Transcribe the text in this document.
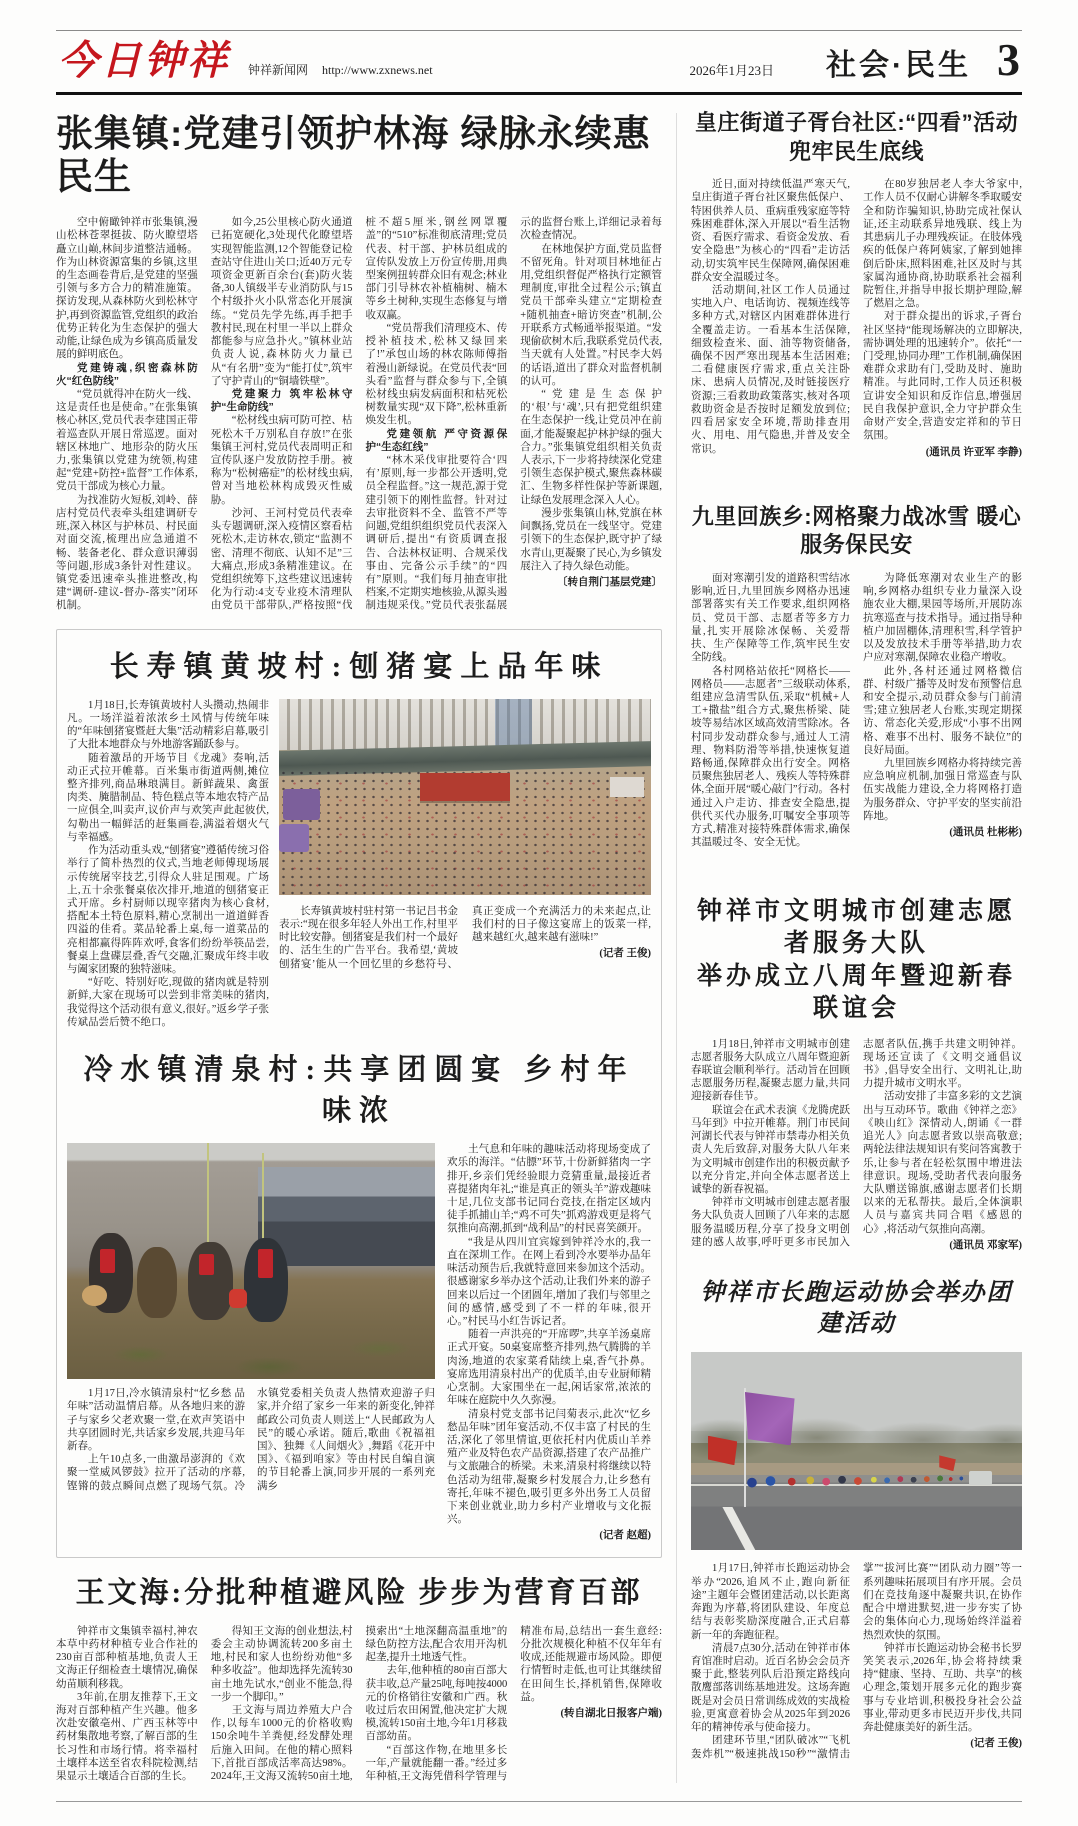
今日钟祥 钟祥新闻网 http://www.zxnews.net	2026年1月23日 社会·民生 3
张集镇:党建引领护林海 绿脉永续惠民生

空中俯瞰钟祥市张集镇,漫山松林苍翠挺拔、防火瞭望塔矗立山巅,林间步道整洁通畅。作为山林资源富集的乡镇,这里的生态画卷背后,是党建的坚强引领与多方合力的精准施策。探访发现,从森林防火到松林守护,再到资源监管,党组织的政治优势正转化为生态保护的强大动能,让绿色成为乡镇高质量发展的鲜明底色。

党建铸魂,织密森林防火“红色防线”

“党员就得冲在防火一线、这是责任也是使命。”在张集镇核心林区,党员代表李建国正带着巡查队开展日常巡逻。面对辖区林地广、地形杂的防火压力,张集镇以党建为统领,构建起“党建+防控+监督”工作体系,党员干部成为核心力量。

为找准防火短板,刘岭、薛店村党员代表牵头组建调研专班,深入林区与护林员、村民面对面交流,梳理出应急通道不畅、装备老化、群众意识薄弱等问题,形成3条针对性建议。镇党委迅速牵头推进整改,构建“调研-建议-督办-落实”闭环机制。

如今,25公里核心防火通道已拓宽硬化,3处现代化瞭望塔实现智能监测,12个智能登记检查站守住进山关口;近40万元专项资金更新百余台(套)防火装备,30人镇级半专业消防队与15个村级扑火小队常态化开展演练。“党员先学先练,再手把手教村民,现在村里一半以上群众都能参与应急扑火。”镇林业站负责人说,森林防火力量已从“有名册”变为“能打仗”,筑牢了守护青山的“铜墙铁壁”。

党建聚力 筑牢松林守护“生命防线”

“松材线虫病可防可控、枯死松木千万别私自存放!”在张集镇王河村,党员代表周明正和宣传队逐户发放防控手册。被称为“松树癌症”的松材线虫病,曾对当地松林构成毁灭性威胁。

沙河、王河村党员代表牵头专题调研,深入疫情区察看枯死松木,走访林农,锁定“监测不密、清理不彻底、认知不足”三大痛点,形成3条精准建议。在党组织统筹下,这些建议迅速转化为行动:4支专业疫木清理队由党员干部带队,严格按照“伐桩不超5厘米,钢丝网罩覆盖”的“510”标准彻底清理;党员代表、村干部、护林员组成的宣传队发放上万份宣传册,用典型案例扭转群众旧有观念;林业部门引导林农补植楠树、楠木等乡土树种,实现生态修复与增收双赢。

“党员帮我们清理疫木、传授补植技术,松林又绿回来了!”承包山场的林农陈师傅指着漫山新绿说。在党员代表“回头看”监督与群众参与下,全镇松材线虫病发病面积和枯死松树数量实现“双下降”,松林重新焕发生机。

党建领航 严守资源保护“生态红线”

“林木采伐审批要符合‘四有’原则,每一步都公开透明,党员全程监督。”这一规范,源于党建引领下的刚性监督。针对过去审批资料不全、监管不严等问题,党组织组织党员代表深入调研后,提出“有资质调查报告、合法林权证明、合规采伐事由、完备公示手续”的“四有”原则。“我们每月抽查审批档案,不定期实地核验,从源头遏制违规采伐。”党员代表张磊展示的监督台账上,详细记录着每次检查情况。

在林地保护方面,党员监督不留死角。针对项目林地征占用,党组织督促严格执行定额管理制度,审批全过程公示;镇直党员干部牵头建立“定期检查+随机抽查+暗访突查”机制,公开联系方式畅通举报渠道。“发现偷砍树木后,我联系党员代表,当天就有人处置。”村民李大妈的话语,道出了群众对监督机制的认可。

“党建是生态保护的‘根’与‘魂’,只有把党组织建在生态保护一线,让党员冲在前面,才能凝聚起护林护绿的强大合力。”张集镇党组织相关负责人表示,下一步将持续深化党建引领生态保护模式,聚焦森林碳汇、生物多样性保护等新课题,让绿色发展理念深入人心。

漫步张集镇山林,党旗在林间飘扬,党员在一线坚守。党建引领下的生态保护,既守护了绿水青山,更凝聚了民心,为乡镇发展注入了持久绿色动能。

〔转自荆门基层党建〕

长寿镇黄坡村:刨猪宴上品年味

1月18日,长寿镇黄坡村人头攒动,热闹非凡。一场洋溢着浓浓乡土风情与传统年味的“年味刨猪宴暨赶大集”活动精彩启幕,吸引了大批本地群众与外地游客踊跃参与。

随着激昂的开场节目《龙魂》奏响,活动正式拉开帷幕。百米集市街道两侧,摊位整齐排列,商品琳琅满目。新鲜蔬果、禽蛋肉类、腌腊制品、特色糕点等本地农特产品一应俱全,叫卖声,议价声与欢笑声此起彼伏,勾勒出一幅鲜活的赶集画卷,满溢着烟火气与幸福感。

作为活动重头戏,“刨猪宴”遵循传统习俗举行了简朴热烈的仪式,当地老师傅现场展示传统屠宰技艺,引得众人驻足围观。广场上,五十余张餐桌依次排开,地道的刨猪宴正式开席。乡村厨师以现宰猪肉为核心食材,搭配本土特色原料,精心烹制出一道道鲜香四溢的佳肴。菜品轮番上桌,每一道菜品的亮相都赢得阵阵欢呼,食客们纷纷举筷品尝,餐桌上盘碟层叠,香气交融,汇聚成年终丰收与阖家团聚的独特滋味。

“好吃、特别好吃,现做的猪肉就是特别新鲜,大家在现场可以尝到非常美味的猪肉,我觉得这个活动很有意义,很好。”返乡学子张传斌品尝后赞不绝口。

长寿镇黄坡村驻村第一书记吕书金表示:“现在很多年轻人外出工作,村里平时比较安静。刨猪宴是我们村一个最好的、活生生的广告平台。我希望,‘黄坡刨猪宴’能从一个回忆里的乡愁符号、真正变成一个充满活力的未来起点,让我们村的日子像这宴席上的饭菜一样,越来越红火,越来越有滋味!”

(记者 王俊)

冷水镇清泉村:共享团圆宴 乡村年味浓

1月17日,冷水镇清泉村“忆乡愁 品年味”活动温情启幕。从各地归来的游子与家乡父老欢聚一堂,在欢声笑语中共享团圆时光,共话家乡发展,共迎马年新春。

上午10点多,一曲激昂澎湃的《欢聚一堂威风锣鼓》拉开了活动的序幕,铿锵的鼓点瞬间点燃了现场气氛。冷水镇党委相关负责人热情欢迎游子归家,并介绍了家乡一年来的新变化,钟祥邮政公司负责人则送上“人民邮政为人民”的暖心承诺。随后,歌曲《祝福祖国》、独舞《人间烟火》,舞蹈《花开中国》、《福到咱家》等由村民自编自演的节目轮番上演,同步开展的一系列充满乡

土气息和年味的趣味活动将现场变成了欢乐的海洋。“估膘”环节,十份新鲜猪肉一字排开,乡亲们凭经验眼力竞猜重量,最接近者喜提猪肉年礼;“谁是真正的领头羊”游戏趣味十足,几位支部书记同台竞技,在指定区域内徒手抓捕山羊;“鸡不可失”抓鸡游戏更是将气氛推向高潮,抓到“战利品”的村民喜笑颜开。

“我是从四川宜宾嫁到钟祥冷水的,我一直在深圳工作。在网上看到冷水要举办品年味活动预告后,我就特意回来参加这个活动。很感谢家乡举办这个活动,让我们外来的游子回来以后过一个团圆年,增加了我们与邻里之间的感情,感受到了不一样的年味,很开心。”村民马小红告诉记者。

随着一声洪亮的“开席啰”,共享羊汤桌席正式开宴。50桌宴席整齐排列,热气腾腾的羊肉汤,地道的农家菜肴陆续上桌,香气扑鼻。宴席选用清泉村出产的优质羊,由专业厨师精心烹制。大家围坐在一起,闲话家常,浓浓的年味在庭院中久久弥漫。

清泉村党支部书记闫菊表示,此次“忆乡愁品年味”团年宴活动,不仅丰富了村民的生活,深化了邻里情谊,更依托村内优质山羊养殖产业及特色农产品资源,搭建了农产品推广与文旅融合的桥梁。未来,清泉村将继续以特色活动为纽带,凝聚乡村发展合力,让乡愁有寄托,年味不褪色,吸引更多外出务工人员留下来创业就业,助力乡村产业增收与文化振兴。

(记者 赵超)

王文海:分批种植避风险 步步为营育百部

钟祥市文集镇幸福村,神农本草中药材种植专业合作社的230亩百部种植基地,负责人王文海正仔细检查土壤情况,确保幼苗顺利移栽。

3年前,在朋友推荐下,王文海对百部种植产生兴趣。他多次赴安徽亳州、广西玉林等中药材集散地考察,了解百部的生长习性和市场行情。将幸福村土壤样本送至省农科院检测,结果显示土壤适合百部的生长。

得知王文海的创业想法,村委会主动协调流转200多亩土地,村民和家人也纷纷劝他“多种多收益”。他却选择先流转30亩土地先试水,“创业不能急,得一步一个脚印。”

王文海与周边养殖大户合作,以每车1000元的价格收购150余吨牛羊粪便,经发酵处理后施入田间。在他的精心照料下,首批百部成活率高达98%。2024年,王文海又流转50亩土地,摸索出“土地深翻高温重地”的绿色防控方法,配合农用开沟机起垄,提升土地透气性。

去年,他种植的80亩百部大获丰收,总产量25吨,每吨按4000元的价格销往安徽和广西。秋收过后农田闲置,他决定扩大规模,流转150亩土地,今年1月移栽百部幼苗。

“百部这作物,在地里多长一年,产量就能翻一番。”经过多年种植,王文海凭借科学管理与精准布局,总结出一套生意经:分批次规模化种植不仅年年有收成,还能规避市场风险。即便行情暂时走低,也可让其继续留在田间生长,择机销售,保障收益。

(转自湖北日报客户端)

皇庄街道子胥台社区:“四看”活动 兜牢民生底线

近日,面对持续低温严寒天气,皇庄街道子胥台社区聚焦低保户、特困供养人员、重病重残家庭等特殊困难群体,深入开展以“看生活物资、看医疗需求、看资金发放、看安全隐患”为核心的“四看”走访活动,切实筑牢民生保障网,确保困难群众安全温暖过冬。

活动期间,社区工作人员通过实地入户、电话询访、视频连线等多种方式,对辖区内困难群体进行全覆盖走访。一看基本生活保障,细致检查米、面、油等物资储备,确保不因严寒出现基本生活困难;二看健康医疗需求,重点关注卧床、患病人员情况,及时链接医疗资源;三看救助政策落实,核对各项救助资金是否按时足额发放到位;四看居家安全环境,帮助排查用火、用电、用气隐患,并普及安全常识。

在80岁独居老人李大爷家中,工作人员不仅耐心讲解冬季取暖安全和防诈骗知识,协助完成社保认证,还主动联系异地残联、线上为其患病儿子办理残疾证。在肢体残疾的低保户蒋阿姨家,了解到她摔倒后卧床,照料困难,社区及时与其家属沟通协商,协助联系社会福利院暂住,并指导申报长期护理险,解了燃眉之急。

对于群众提出的诉求,子胥台社区坚持“能现场解决的立即解决,需协调处理的迅速转介”。依托“一门受理,协同办理”工作机制,确保困难群众求助有门,受助及时、施助精准。与此同时,工作人员还积极宣讲安全知识和反诈信息,增强居民自我保护意识,全力守护群众生命财产安全,营造安定祥和的节日氛围。

(通讯员 许亚军 李静)

九里回族乡:网格聚力战冰雪 暖心服务保民安

面对寒潮引发的道路积雪结冰影响,近日,九里回族乡网格办迅速部署落实有关工作要求,组织网格员、党员干部、志愿者等多方力量,扎实开展除冰保畅、关爱帮扶、生产保障等工作,筑牢民生安全防线。

各村网格站依托“网格长——网格员——志愿者”三级联动体系,组建应急清雪队伍,采取“机械+人工+撒盐”组合方式,聚焦桥梁、陡坡等易结冰区域高效清雪除冰。各村同步发动群众参与,通过人工清理、物料防滑等举措,快速恢复道路畅通,保障群众出行安全。网格员聚焦独居老人、残疾人等特殊群体,全面开展“暖心敲门”行动。各村通过入户走访、排查安全隐患,提供代买代办服务,叮嘱安全事项等方式,精准对接特殊群体需求,确保其温暖过冬、安全无忧。

为降低寒潮对农业生产的影响,乡网格办组织专业力量深入设施农业大棚,果园等场所,开展防冻抗寒巡查与技术指导。通过指导种植户加固棚体,清理积雪,科学管护以及发放技术手册等举措,助力农户应对寒潮,保障农业稳产增收。

此外,各村还通过网格微信群、村级广播等及时发布预警信息和安全提示,动员群众参与门前清雪;建立独居老人台账,实现定期探访、常态化关爱,形成“小事不出网格、难事不出村、服务不缺位”的良好局面。

九里回族乡网格办将持续完善应急响应机制,加强日常巡查与队伍实战能力建设,全力将网格打造为服务群众、守护平安的坚实前沿阵地。

(通讯员 杜彬彬)

钟祥市文明城市创建志愿者服务大队
举办成立八周年暨迎新春联谊会

1月18日,钟祥市文明城市创建志愿者服务大队成立八周年暨迎新春联谊会顺利举行。活动旨在回顾志愿服务历程,凝聚志愿力量,共同迎接新春佳节。

联谊会在武术表演《龙腾虎跃马年到》中拉开帷幕。荆门市民间河湖长代表与钟祥市禁毒办相关负责人先后致辞,对服务大队八年来为文明城市创建作出的积极贡献予以充分肯定,并向全体志愿者送上诚挚的新春祝福。

钟祥市文明城市创建志愿者服务大队负责人回顾了八年来的志愿服务温暖历程,分享了投身文明创建的感人故事,呼吁更多市民加入志愿者队伍,携手共建文明钟祥。现场还宣读了《文明交通倡议书》,倡导安全出行、文明礼让,助力提升城市文明水平。

活动安排了丰富多彩的文艺演出与互动环节。歌曲《钟祥之恋》《映山红》深情动人,朗诵《一群追光人》向志愿者致以崇高敬意;两轮法律法规知识有奖问答寓教于乐,让参与者在轻松氛围中增进法律意识。现场,受助者代表向服务大队赠送锦旗,感谢志愿者们长期以来的无私帮扶。最后,全体演职人员与嘉宾共同合唱《感恩的心》,将活动气氛推向高潮。

(通讯员 邓家军)

钟祥市长跑运动协会举办团建活动

1月17日,钟祥市长跑运动协会举办“2026,追风不止,跑向新征途”主题年会暨团建活动,以长距离奔跑为序幕,将团队建设、年度总结与表彰奖励深度融合,正式启幕新一年的奔跑征程。

清晨7点30分,活动在钟祥市体育馆准时启动。近百名协会会员齐聚于此,整装列队后沿预定路线向散鹰部落训练基地进发。这场奔跑既是对会员日常训练成效的实战检验,更寓意着协会从2025年到2026年的精神传承与使命接力。

团建环节里,“团队破冰”“飞机轰炸机”“极速挑战150秒”“激情击掌”“拔河比赛”“团队动力圈”等一系列趣味拓展项目有序开展。会员们在竞技角逐中凝聚共识,在协作配合中增进默契,进一步夯实了协会的集体向心力,现场始终洋溢着热烈欢快的氛围。

钟祥市长跑运动协会秘书长罗笑笑表示,2026年,协会将持续秉持“健康、坚持、互助、共享”的核心理念,策划开展多元化的跑步赛事与专业培训,积极投身社会公益事业,带动更多市民迈开步伐,共同奔赴健康美好的新生活。

(记者 王俊)
